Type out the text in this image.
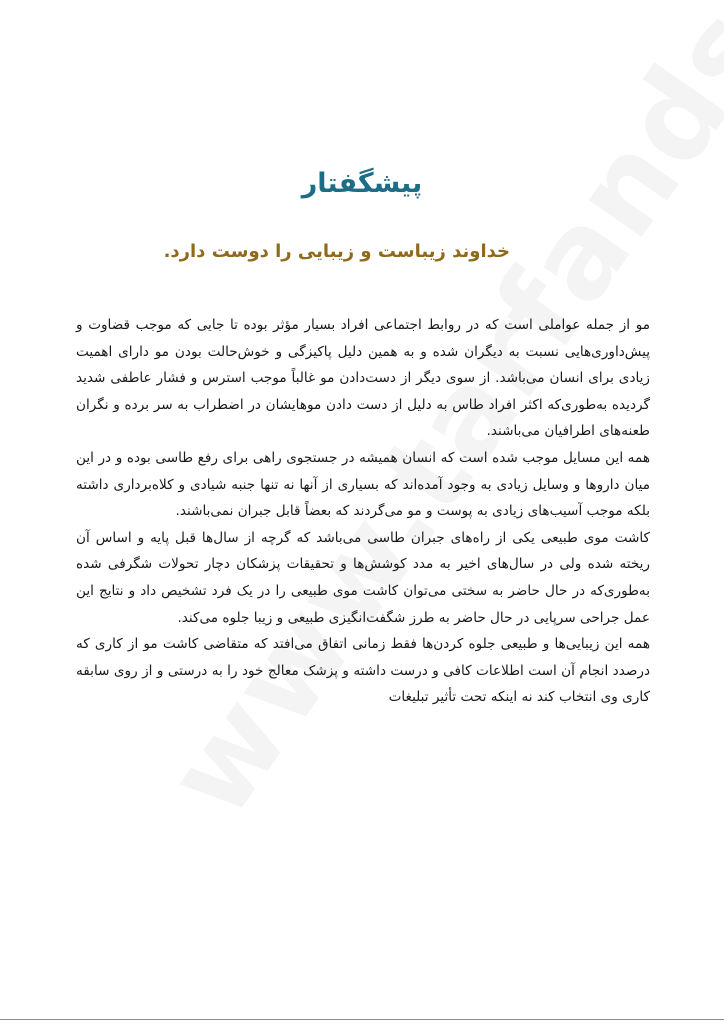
پیشگفتار
خداوند زیباست و زیبایی را دوست دارد.

مو از جمله عواملی است که در روابط اجتماعی افراد بسیار مؤثر بوده تا جایی که موجب قضاوت و پیش‌داوری‌هایی نسبت به دیگران شده و به همین دلیل پاکیزگی و خوش‌حالت بودن مو دارای اهمیت زیادی برای انسان می‌باشد. از سوی دیگر از دست‌دادن مو غالباً موجب استرس و فشار عاطفی شدید گردیده به‌طوری‌که اکثر افراد طاس به دلیل از دست دادن موهایشان در اضطراب به سر برده و نگران طعنه‌های اطرافیان می‌باشند.

همه این مسایل موجب شده است که انسان همیشه در جستجوی راهی برای رفع طاسی بوده و در این میان داروها و وسایل زیادی به وجود آمده‌اند که بسیاری از آنها نه تنها جنبه شیادی و کلاه‌برداری داشته بلکه موجب آسیب‌های زیادی به پوست و مو می‌گردند که بعضاً قابل جبران نمی‌باشند.

کاشت موی طبیعی یکی از راه‌های جبران طاسی می‌باشد که گرچه از سال‌ها قبل پایه و اساس آن ریخته شده ولی در سال‌های اخیر به مدد کوشش‌ها و تحقیقات پزشکان دچار تحولات شگرفی شده به‌طوری‌که در حال حاضر به سختی می‌توان کاشت موی طبیعی را در یک فرد تشخیص داد و نتایج این عمل جراحی سرپایی در حال حاضر به طرز شگفت‌انگیزی طبیعی و زیبا جلوه می‌کند.

همه این زیبایی‌ها و طبیعی جلوه کردن‌ها فقط زمانی اتفاق می‌افتد که متقاضی کاشت مو از کاری که درصدد انجام آن است اطلاعات کافی و درست داشته و پزشک معالج خود را به درستی و از روی سابقه کاری وی انتخاب کند نه اینکه تحت تأثیر تبلیغات
